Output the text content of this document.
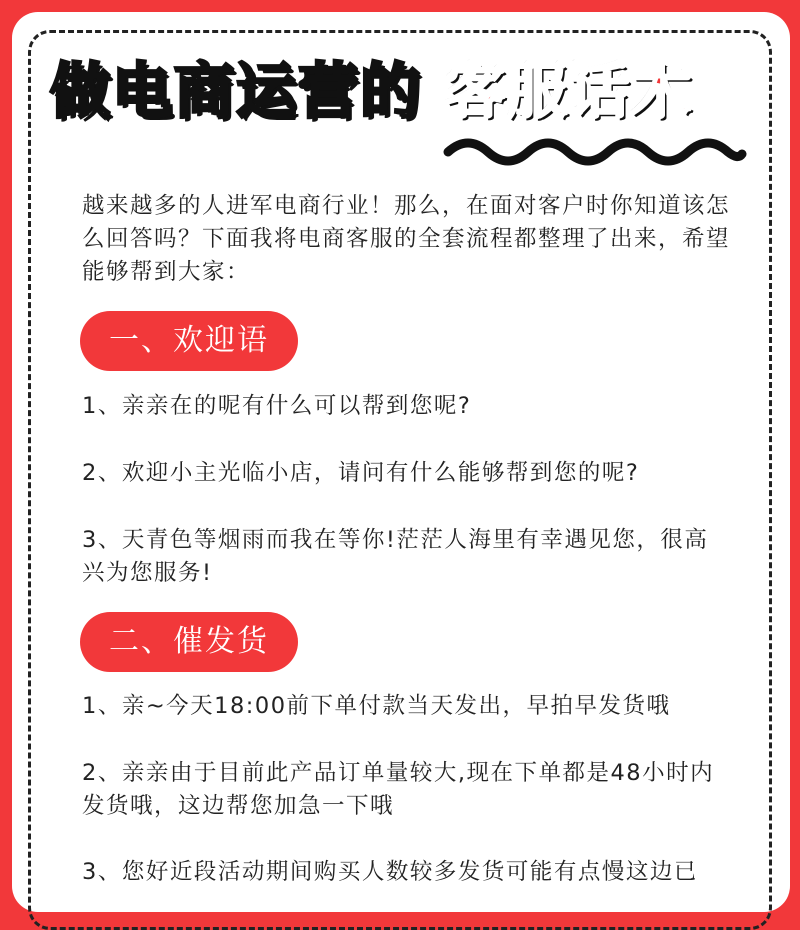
做电商运营的 客服话术
越来越多的人进军电商行业！那么，在面对客户时你知道该怎么回答吗？下面我将电商客服的全套流程都整理了出来，希望能够帮到大家：
一、欢迎语
1、亲亲在的呢有什么可以帮到您呢?
2、欢迎小主光临小店，请问有什么能够帮到您的呢?
3、天青色等烟雨而我在等你!茫茫人海里有幸遇见您，很高兴为您服务!
二、催发货
1、亲~今天18:00前下单付款当天发出，早拍早发货哦
2、亲亲由于目前此产品订单量较大,现在下单都是48小时内发货哦，这边帮您加急一下哦
3、您好近段活动期间购买人数较多发货可能有点慢这边已
